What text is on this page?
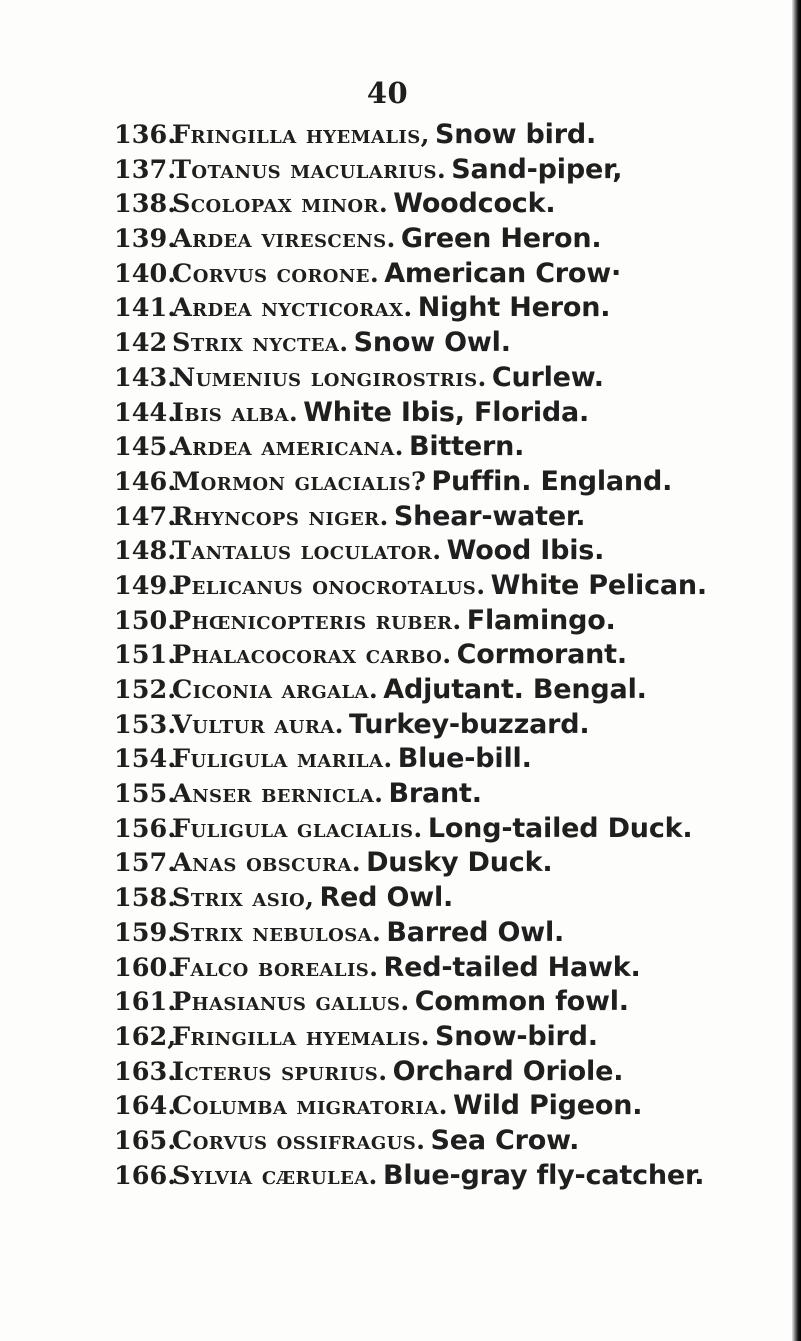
40
136.Fringilla hyemalis, Snow bird.
137.Totanus macularius. Sand-piper,
138.Scolopax minor. Woodcock.
139.Ardea virescens. Green Heron.
140.Corvus corone. American Crow·
141.Ardea nycticorax. Night Heron.
142 Strix nyctea. Snow Owl.
143.Numenius longirostris. Curlew.
144.Ibis alba. White Ibis, Florida.
145.Ardea americana. Bittern.
146.Mormon glacialis? Puffin. England.
147.Rhyncops niger. Shear-water.
148.Tantalus loculator. Wood Ibis.
149.Pelicanus onocrotalus. White Pelican.
150.Phœnicopteris ruber. Flamingo.
151.Phalacocorax carbo. Cormorant.
152.Ciconia argala. Adjutant. Bengal.
153.Vultur aura. Turkey-buzzard.
154.Fuligula marila. Blue-bill.
155.Anser bernicla. Brant.
156.Fuligula glacialis. Long-tailed Duck.
157.Anas obscura. Dusky Duck.
158.Strix asio, Red Owl.
159.Strix nebulosa. Barred Owl.
160.Falco borealis. Red-tailed Hawk.
161.Phasianus gallus. Common fowl.
162,Fringilla hyemalis. Snow-bird.
163.Icterus spurius. Orchard Oriole.
164.Columba migratoria. Wild Pigeon.
165.Corvus ossifragus. Sea Crow.
166.Sylvia cærulea. Blue-gray fly-catcher.
